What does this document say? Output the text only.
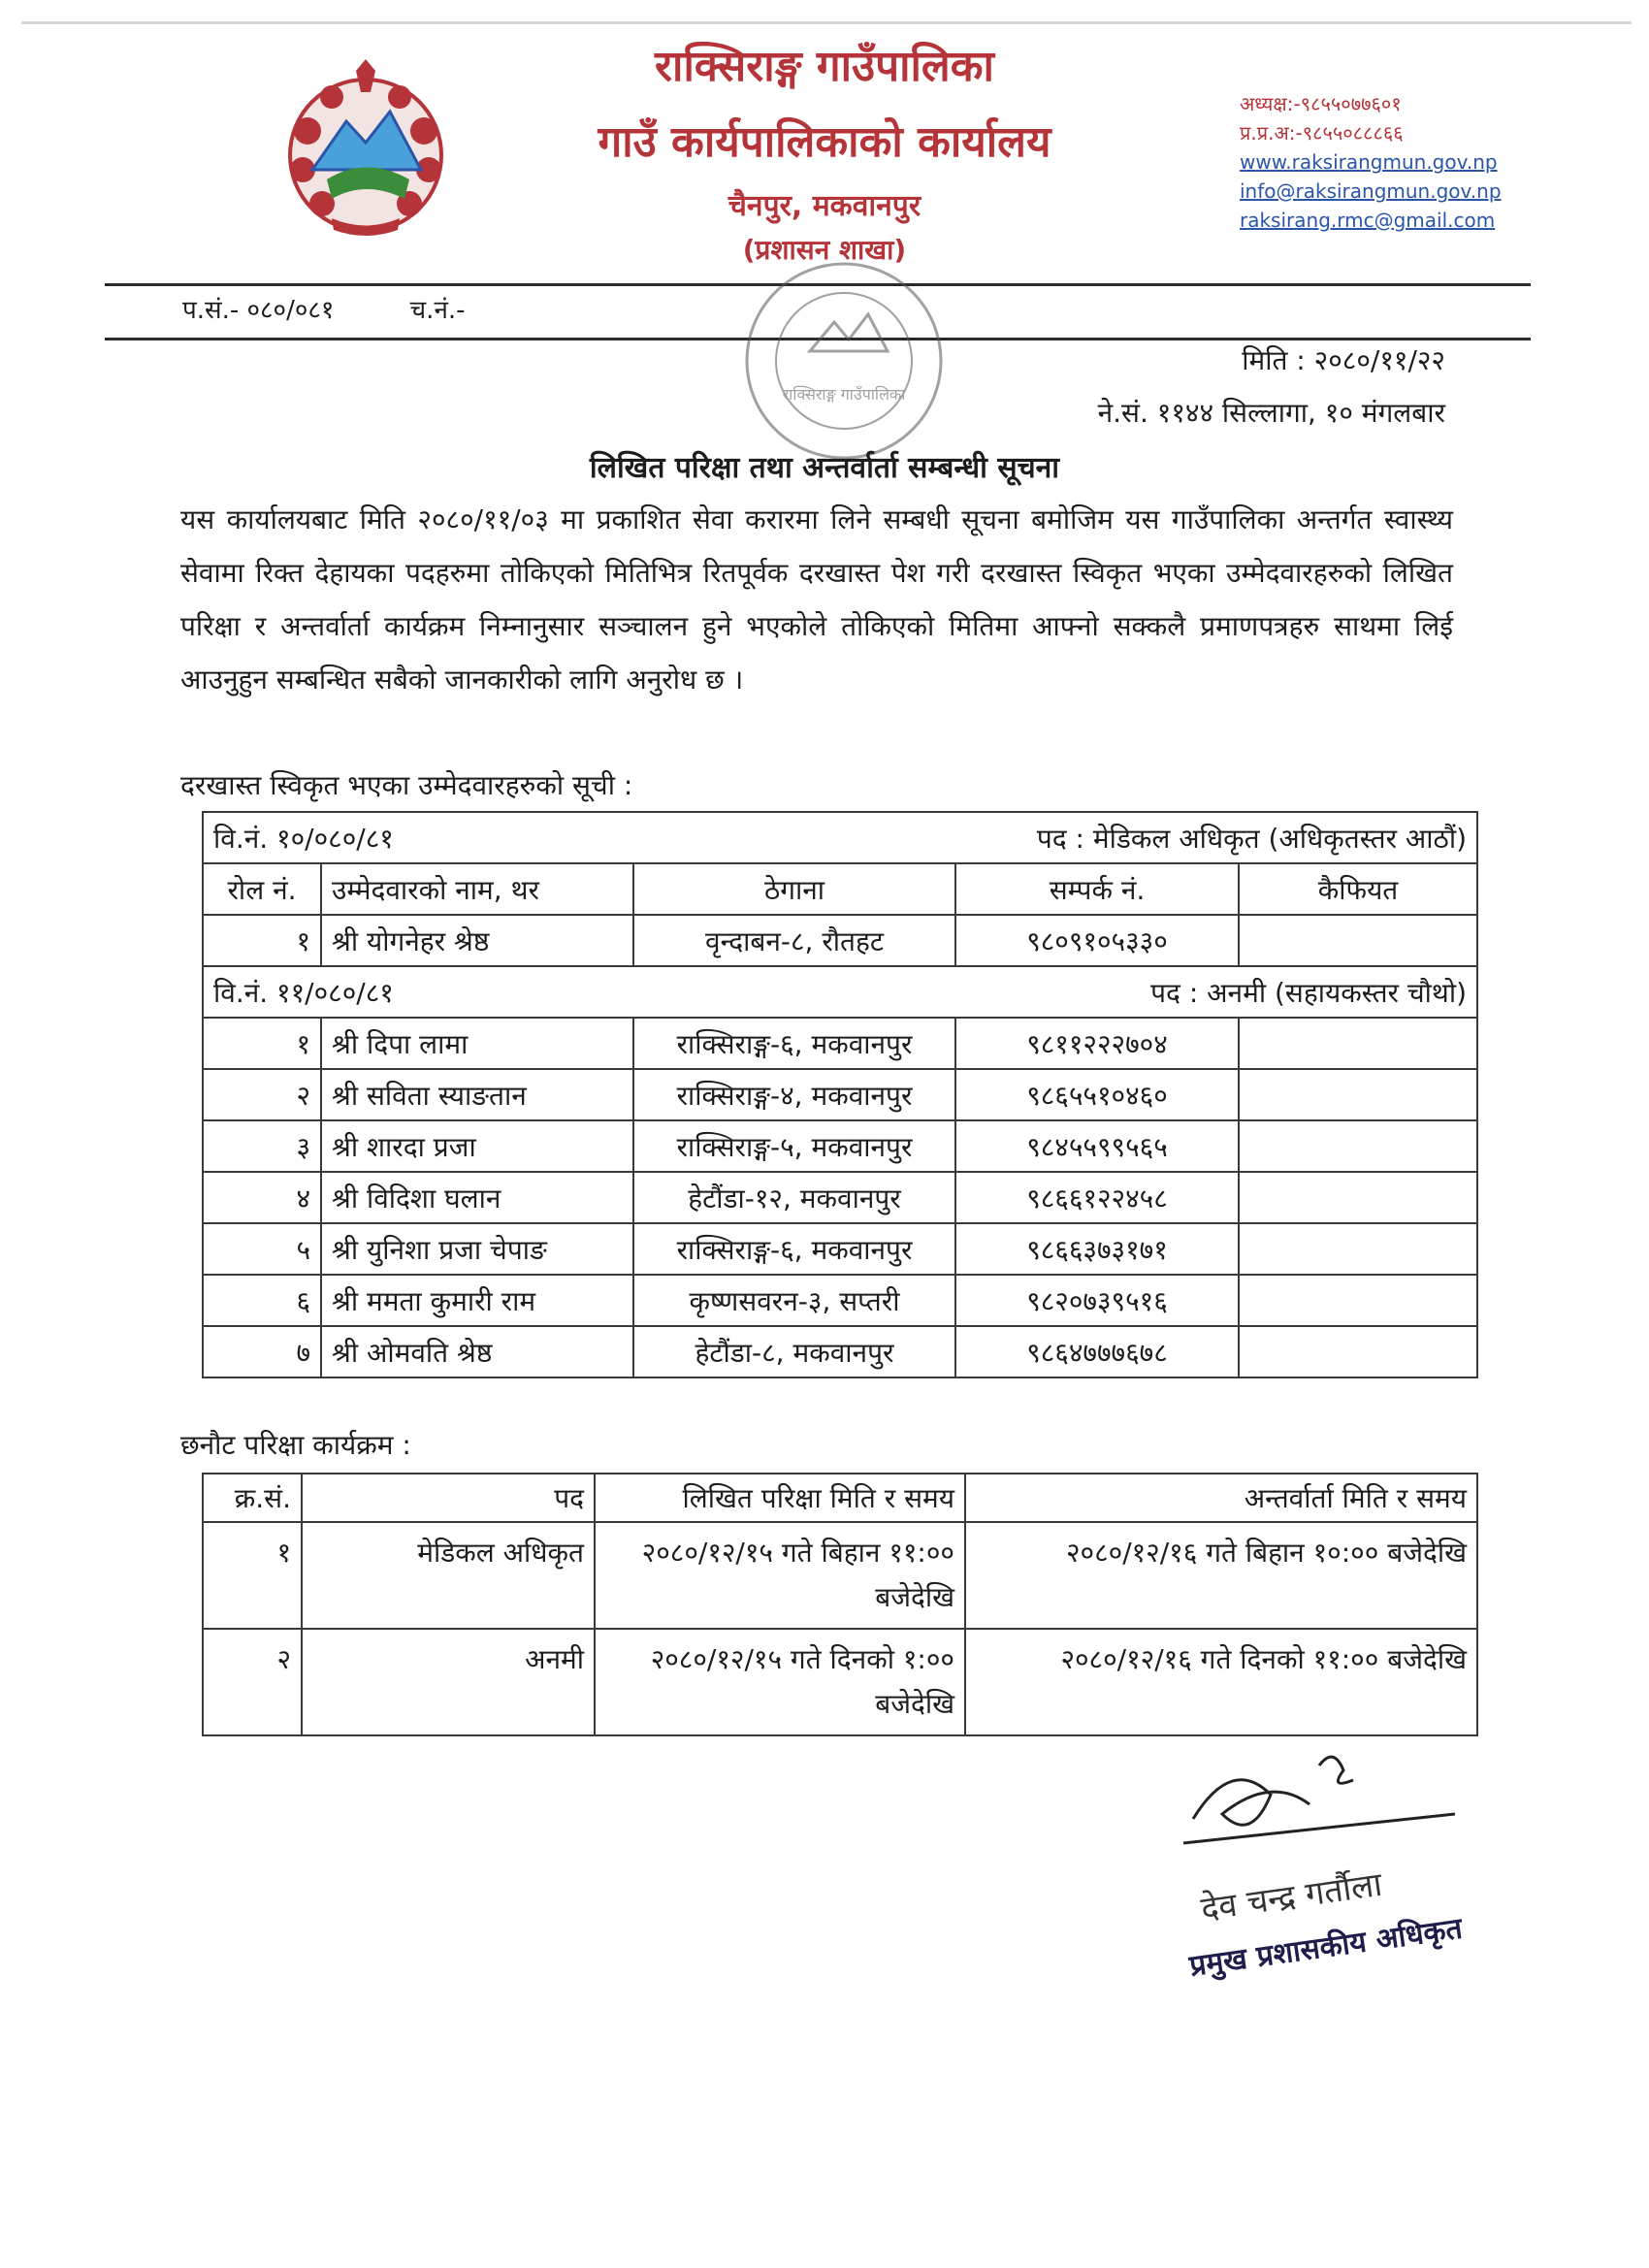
राक्सिराङ्ग गाउँपालिका
गाउँ कार्यपालिकाको कार्यालय
चैनपुर, मकवानपुर
(प्रशासन शाखा)
अध्यक्ष:-९८५५०७७६०१
प्र.प्र.अ:-९८५५०८८८६६
www.raksirangmun.gov.np
info@raksirangmun.gov.np
raksirang.rmc@gmail.com
प.सं.- ०८०/०८१	च.नं.-
राक्सिराङ्ग गाउँपालिका
मिति : २०८०/११/२२
ने.सं. ११४४ सिल्लागा, १० मंगलबार
लिखित परिक्षा तथा अन्तर्वार्ता सम्बन्धी सूचना
यस कार्यालयबाट मिति २०८०/११/०३ मा प्रकाशित सेवा करारमा लिने सम्बधी सूचना बमोजिम यस गाउँपालिका अन्तर्गत स्वास्थ्य सेवामा रिक्त देहायका पदहरुमा तोकिएको मितिभित्र रितपूर्वक दरखास्त पेश गरी दरखास्त स्विकृत भएका उम्मेदवारहरुको लिखित परिक्षा र अन्तर्वार्ता कार्यक्रम निम्नानुसार सञ्चालन हुने भएकोले तोकिएको मितिमा आफ्नो सक्कलै प्रमाणपत्रहरु साथमा लिई आउनुहुन सम्बन्धित सबैको जानकारीको लागि अनुरोध छ ।
दरखास्त स्विकृत भएका उम्मेदवारहरुको सूची :
वि.नं. १०/०८०/८१ पद : मेडिकल अधिकृत (अधिकृतस्तर आठौं)				

रोल नं.	उम्मेदवारको नाम, थर	ठेगाना	सम्पर्क नं.	कैफियत
१	श्री योगनेहर श्रेष्ठ	वृन्दाबन-८, रौतहट	९८०९१०५३३०	
वि.नं. ११/०८०/८१ पद : अनमी (सहायकस्तर चौथो)				

१	श्री दिपा लामा	राक्सिराङ्ग-६, मकवानपुर	९८११२२२७०४	
२	श्री सविता स्याङतान	राक्सिराङ्ग-४, मकवानपुर	९८६५५१०४६०	
३	श्री शारदा प्रजा	राक्सिराङ्ग-५, मकवानपुर	९८४५५९९५६५	
४	श्री विदिशा घलान	हेटौंडा-१२, मकवानपुर	९८६६१२२४५८	
५	श्री युनिशा प्रजा चेपाङ	राक्सिराङ्ग-६, मकवानपुर	९८६६३७३१७१	
६	श्री ममता कुमारी राम	कृष्णसवरन-३, सप्तरी	९८२०७३९५१६	
७	श्री ओमवति श्रेष्ठ	हेटौंडा-८, मकवानपुर	९८६४७७७६७८	
छनौट परिक्षा कार्यक्रम :
क्र.सं.	पद	लिखित परिक्षा मिति र समय	अन्तर्वार्ता मिति र समय
१	मेडिकल अधिकृत	२०८०/१२/१५ गते बिहान ११:०० बजेदेखि	२०८०/१२/१६ गते बिहान १०:०० बजेदेखि
२	अनमी	२०८०/१२/१५ गते दिनको १:०० बजेदेखि	२०८०/१२/१६ गते दिनको ११:०० बजेदेखि
देव चन्द्र गर्तौला
प्रमुख प्रशासकीय अधिकृत
